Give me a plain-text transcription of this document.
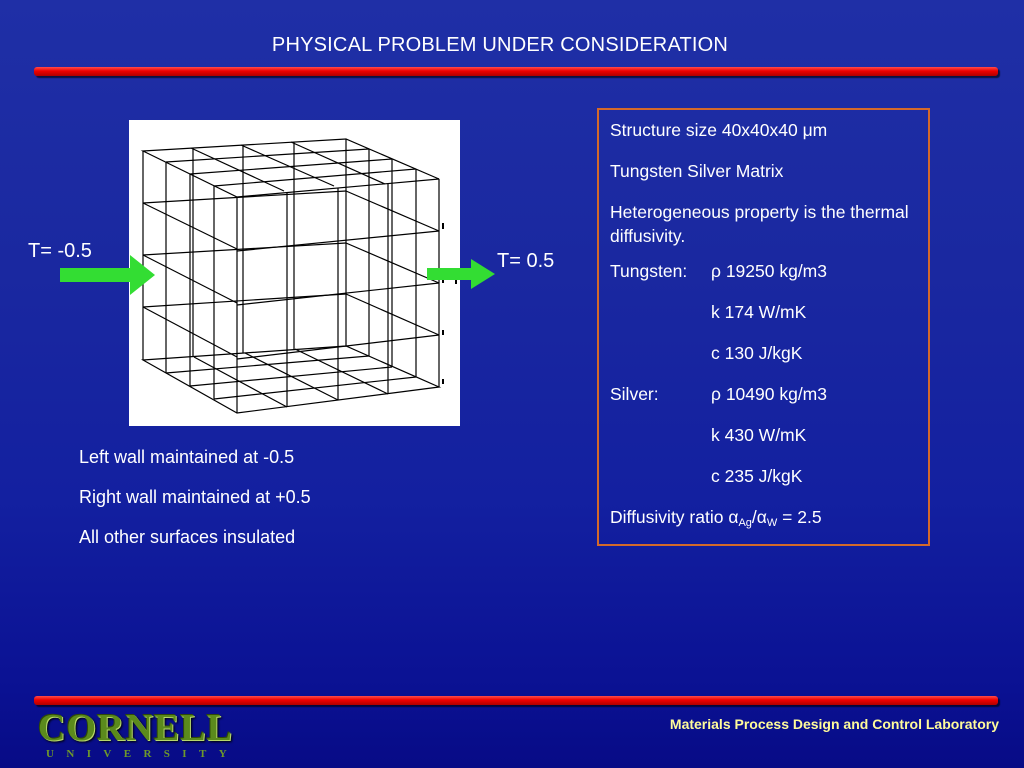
PHYSICAL PROBLEM UNDER CONSIDERATION
T= -0.5	T= 0.5
Left wall maintained at -0.5
Right wall maintained at +0.5
All other surfaces insulated
Structure size 40x40x40 μm
Tungsten Silver Matrix
Heterogeneous property is the thermal diffusivity.
Tungsten: ρ 19250 kg/m3
k 174 W/mK
c 130 J/kgK
Silver:	ρ 10490 kg/m3
k 430 W/mK
c 235 J/kgK
Diffusivity ratio $\alpha_{Ag}/\alpha_W = 2.5$
CORNELL
UNIVERSITY
Materials Process Design and Control Laboratory
